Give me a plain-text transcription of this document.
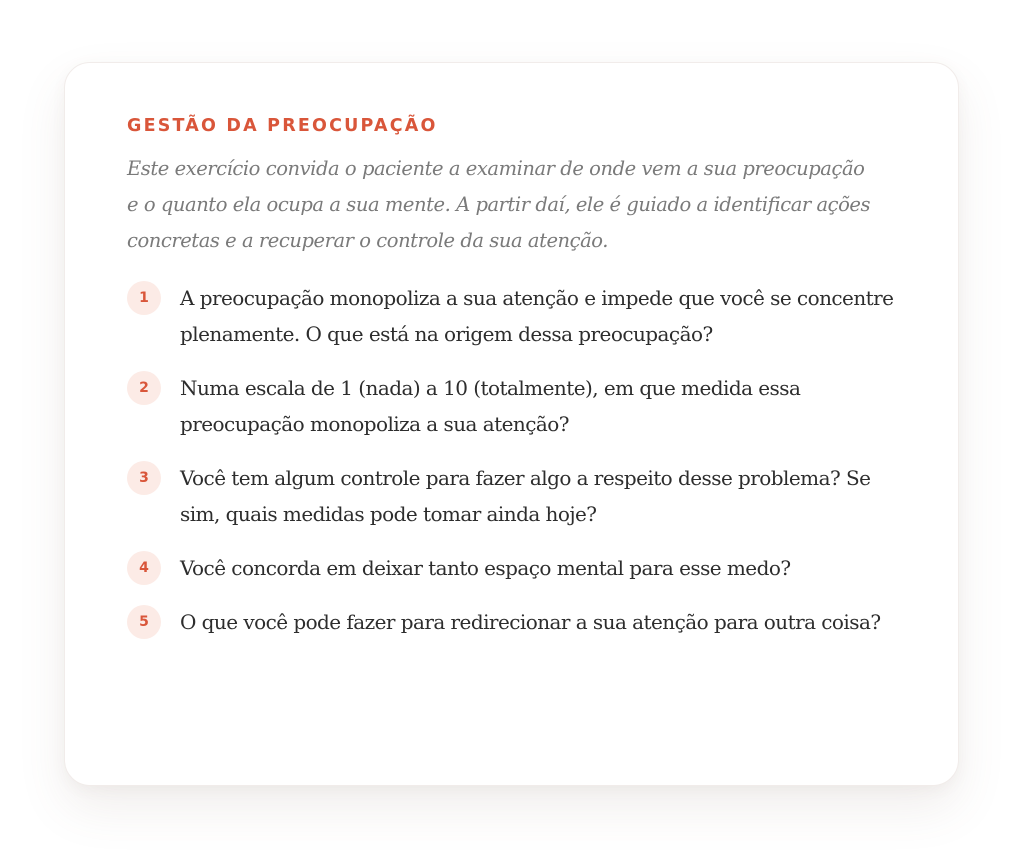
GESTÃO DA PREOCUPAÇÃO

Este exercício convida o paciente a examinar de onde vem a sua preocupação e o quanto ela ocupa a sua mente. A partir daí, ele é guiado a identificar ações concretas e a recuperar o controle da sua atenção.

1	A preocupação monopoliza a sua atenção e impede que você se concentre plenamente. O que está na origem dessa preocupação?
2	Numa escala de 1 (nada) a 10 (totalmente), em que medida essa preocupação monopoliza a sua atenção?
3	Você tem algum controle para fazer algo a respeito desse problema? Se sim, quais medidas pode tomar ainda hoje?
4	Você concorda em deixar tanto espaço mental para esse medo?
5	O que você pode fazer para redirecionar a sua atenção para outra coisa?
